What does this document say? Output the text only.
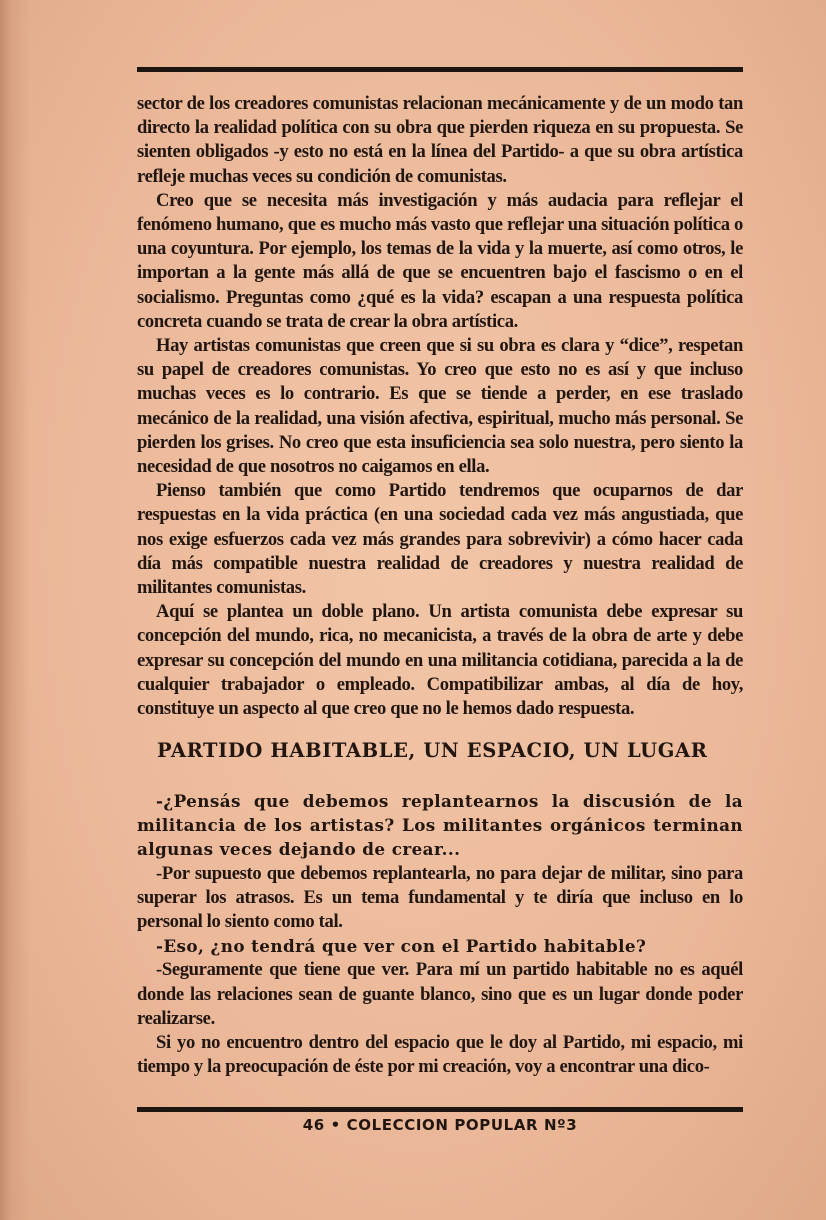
sector de los creadores comunistas relacionan mecánicamente y de un modo tan directo la realidad política con su obra que pierden riqueza en su propuesta. Se sienten obligados -y esto no está en la línea del Partido- a que su obra artística refleje muchas veces su condición de comunistas.

Creo que se necesita más investigación y más audacia para reflejar el fenómeno humano, que es mucho más vasto que reflejar una situación política o una coyuntura. Por ejemplo, los temas de la vida y la muerte, así como otros, le importan a la gente más allá de que se encuentren bajo el fascismo o en el socialismo. Preguntas como ¿qué es la vida? escapan a una respuesta política concreta cuando se trata de crear la obra artística.

Hay artistas comunistas que creen que si su obra es clara y “dice”, respetan su papel de creadores comunistas. Yo creo que esto no es así y que incluso muchas veces es lo contrario. Es que se tiende a perder, en ese traslado mecánico de la realidad, una visión afectiva, espiritual, mucho más personal. Se pierden los grises. No creo que esta insuficiencia sea solo nuestra, pero siento la necesidad de que nosotros no caigamos en ella.

Pienso también que como Partido tendremos que ocuparnos de dar respuestas en la vida práctica (en una sociedad cada vez más angustiada, que nos exige esfuerzos cada vez más grandes para sobrevivir) a cómo hacer cada día más compatible nuestra realidad de creadores y nuestra realidad de militantes comunistas.

Aquí se plantea un doble plano. Un artista comunista debe expresar su concepción del mundo, rica, no mecanicista, a través de la obra de arte y debe expresar su concepción del mundo en una militancia cotidiana, parecida a la de cualquier trabajador o empleado. Compatibilizar ambas, al día de hoy, constituye un aspecto al que creo que no le hemos dado respuesta.

PARTIDO HABITABLE, UN ESPACIO, UN LUGAR

-¿Pensás que debemos replantearnos la discusión de la militancia de los artistas? Los militantes orgánicos terminan algunas veces dejando de crear...

-Por supuesto que debemos replantearla, no para dejar de militar, sino para superar los atrasos. Es un tema fundamental y te diría que incluso en lo personal lo siento como tal.

-Eso, ¿no tendrá que ver con el Partido habitable?

-Seguramente que tiene que ver. Para mí un partido habitable no es aquél donde las relaciones sean de guante blanco, sino que es un lugar donde poder realizarse.

Si yo no encuentro dentro del espacio que le doy al Partido, mi espacio, mi tiempo y la preocupación de éste por mi creación, voy a encontrar una dico-

46 • COLECCION POPULAR Nº3
